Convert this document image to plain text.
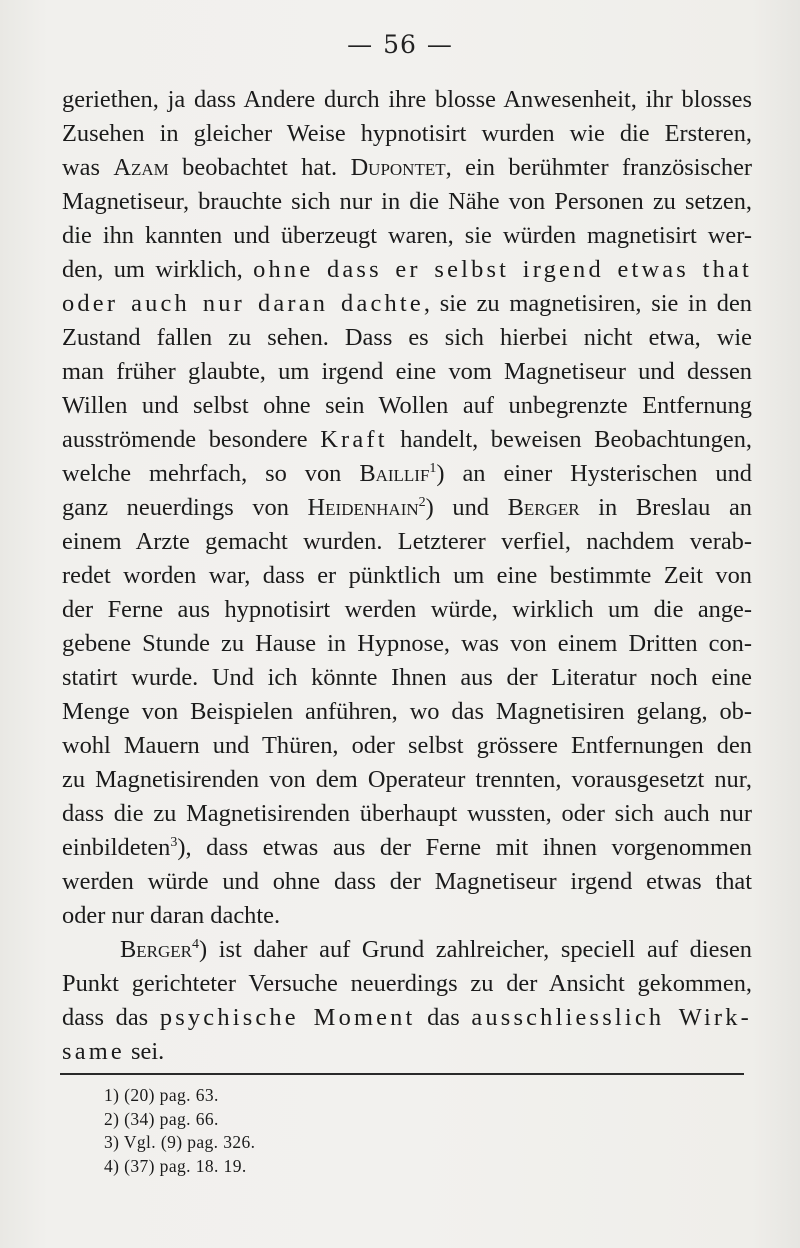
— 56 —
geriethen, ja dass Andere durch ihre blosse Anwesenheit, ihr blosses
Zusehen in gleicher Weise hypnotisirt wurden wie die Ersteren,
was Azam beobachtet hat. Dupontet, ein berühmter französischer
Magnetiseur, brauchte sich nur in die Nähe von Personen zu setzen,
die ihn kannten und überzeugt waren, sie würden magnetisirt wer-
den, um wirklich, ohne dass er selbst irgend etwas that
oder auch nur daran dachte, sie zu magnetisiren, sie in den
Zustand fallen zu sehen. Dass es sich hierbei nicht etwa, wie
man früher glaubte, um irgend eine vom Magnetiseur und dessen
Willen und selbst ohne sein Wollen auf unbegrenzte Entfernung
ausströmende besondere Kraft handelt, beweisen Beobachtungen,
welche mehrfach, so von Baillif$^1$) an einer Hysterischen und
ganz neuerdings von Heidenhain$^2$) und Berger in Breslau an
einem Arzte gemacht wurden. Letzterer verfiel, nachdem verab-
redet worden war, dass er pünktlich um eine bestimmte Zeit von
der Ferne aus hypnotisirt werden würde, wirklich um die ange-
gebene Stunde zu Hause in Hypnose, was von einem Dritten con-
statirt wurde. Und ich könnte Ihnen aus der Literatur noch eine
Menge von Beispielen anführen, wo das Magnetisiren gelang, ob-
wohl Mauern und Thüren, oder selbst grössere Entfernungen den
zu Magnetisirenden von dem Operateur trennten, vorausgesetzt nur,
dass die zu Magnetisirenden überhaupt wussten, oder sich auch nur
einbildeten$^3$), dass etwas aus der Ferne mit ihnen vorgenommen
werden würde und ohne dass der Magnetiseur irgend etwas that
oder nur daran dachte.
Berger$^4$) ist daher auf Grund zahlreicher, speciell auf diesen
Punkt gerichteter Versuche neuerdings zu der Ansicht gekommen,
dass das psychische Moment das ausschliesslich Wirk-
same sei.
1) (20) pag. 63.
2) (34) pag. 66.
3) Vgl. (9) pag. 326.
4) (37) pag. 18. 19.
